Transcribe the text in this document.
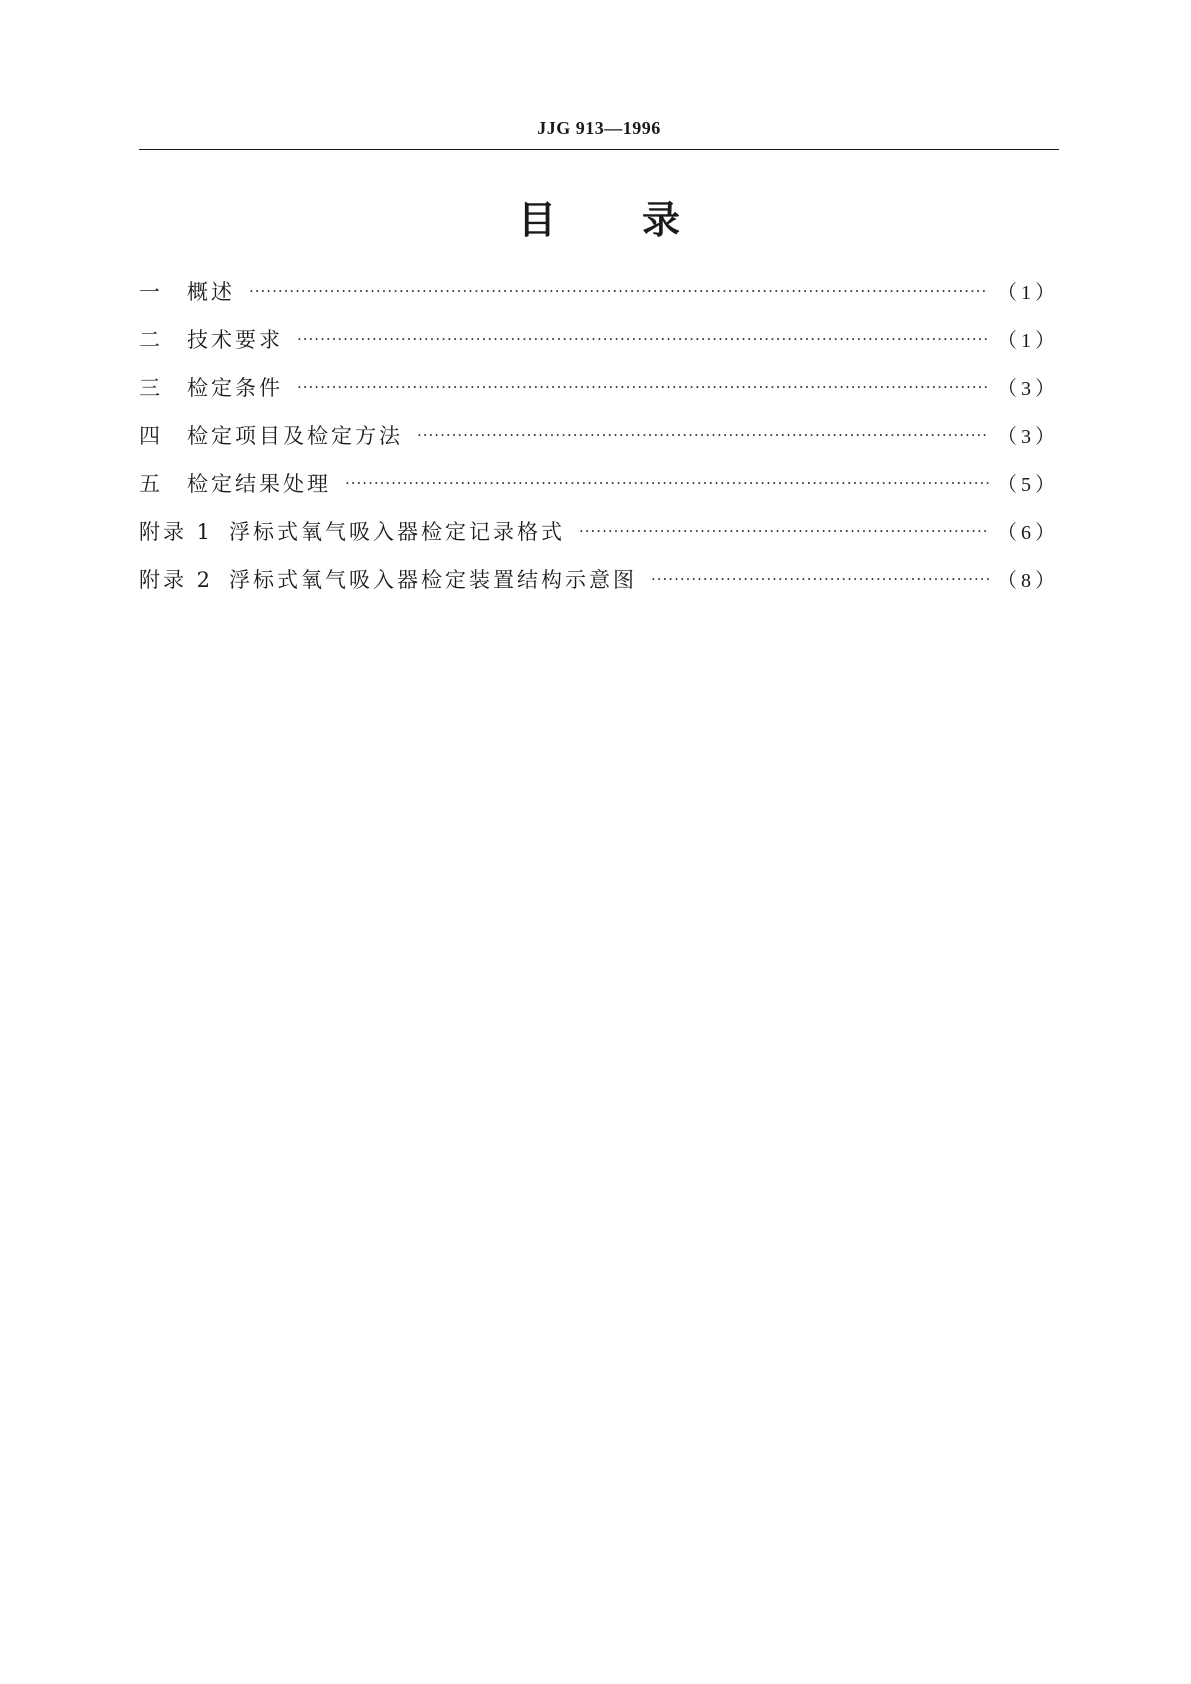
JJG 913—1996
目 录
一	概述 ·····	（1）
二	技术要求 ·····	（1）
三	检定条件 ·····	（3）
四	检定项目及检定方法 ·····	（3）
五	检定结果处理 ·····	（5）
附录 1 浮标式氧气吸入器检定记录格式 ·····	（6）
附录 2 浮标式氧气吸入器检定装置结构示意图 ·····	（8）
